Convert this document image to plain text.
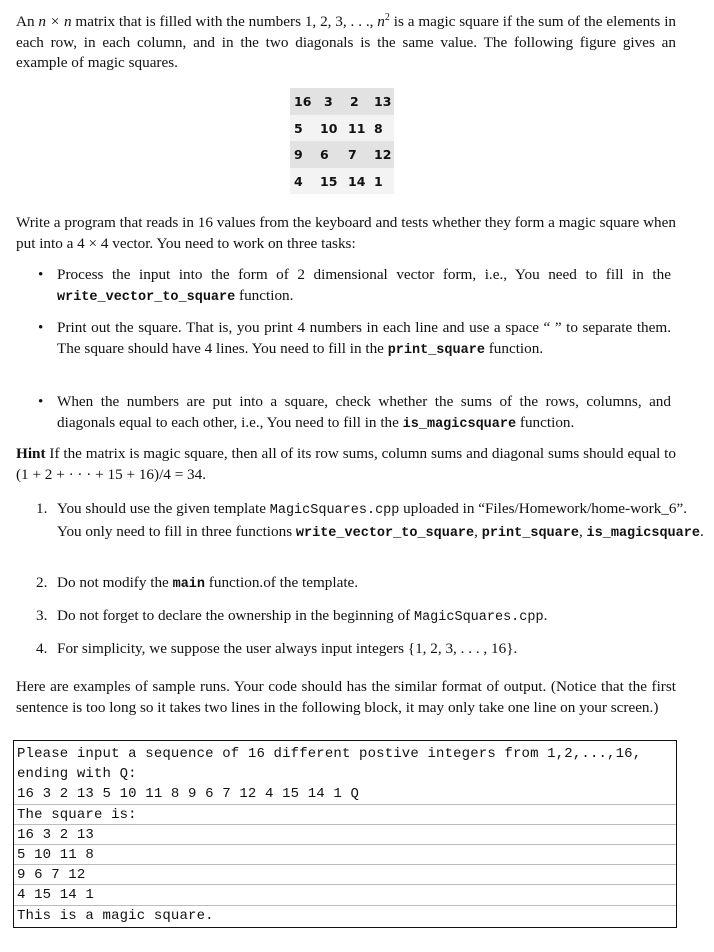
An n × n matrix that is filled with the numbers 1, 2, 3, . . ., $n^2$ is a magic square if the sum of the elements in each row, in each column, and in the two diagonals is the same value. The following figure gives an example of magic squares.
16 3 2 13
5 10 11 8
9 6 7 12
4 15 14 1
Write a program that reads in 16 values from the keyboard and tests whether they form a magic square when put into a 4 × 4 vector. You need to work on three tasks:
• Process the input into the form of 2 dimensional vector form, i.e., You need to fill in the write_vector_to_square function.
• Print out the square. That is, you print 4 numbers in each line and use a space “ ” to separate them. The square should have 4 lines. You need to fill in the print_square function.
• When the numbers are put into a square, check whether the sums of the rows, columns, and diagonals equal to each other, i.e., You need to fill in the is_magicsquare function.
Hint If the matrix is magic square, then all of its row sums, column sums and diagonal sums should equal to (1 + 2 + · · · + 15 + 16)/4 = 34.
1. You should use the given template MagicSquares.cpp uploaded in “Files/Homework/home-work_6”. You only need to fill in three functions write_vector_to_square, print_square, is_magicsquare.
2. Do not modify the main function.of the template.
3. Do not forget to declare the ownership in the beginning of MagicSquares.cpp.
4. For simplicity, we suppose the user always input integers {1, 2, 3, . . . , 16}.
Here are examples of sample runs. Your code should has the similar format of output. (Notice that the first sentence is too long so it takes two lines in the following block, it may only take one line on your screen.)
Please input a sequence of 16 different postive integers from 1,2,...,16,
ending with Q:
16 3 2 13 5 10 11 8 9 6 7 12 4 15 14 1 Q
The square is:
16 3 2 13
5 10 11 8
9 6 7 12
4 15 14 1
This is a magic square.
